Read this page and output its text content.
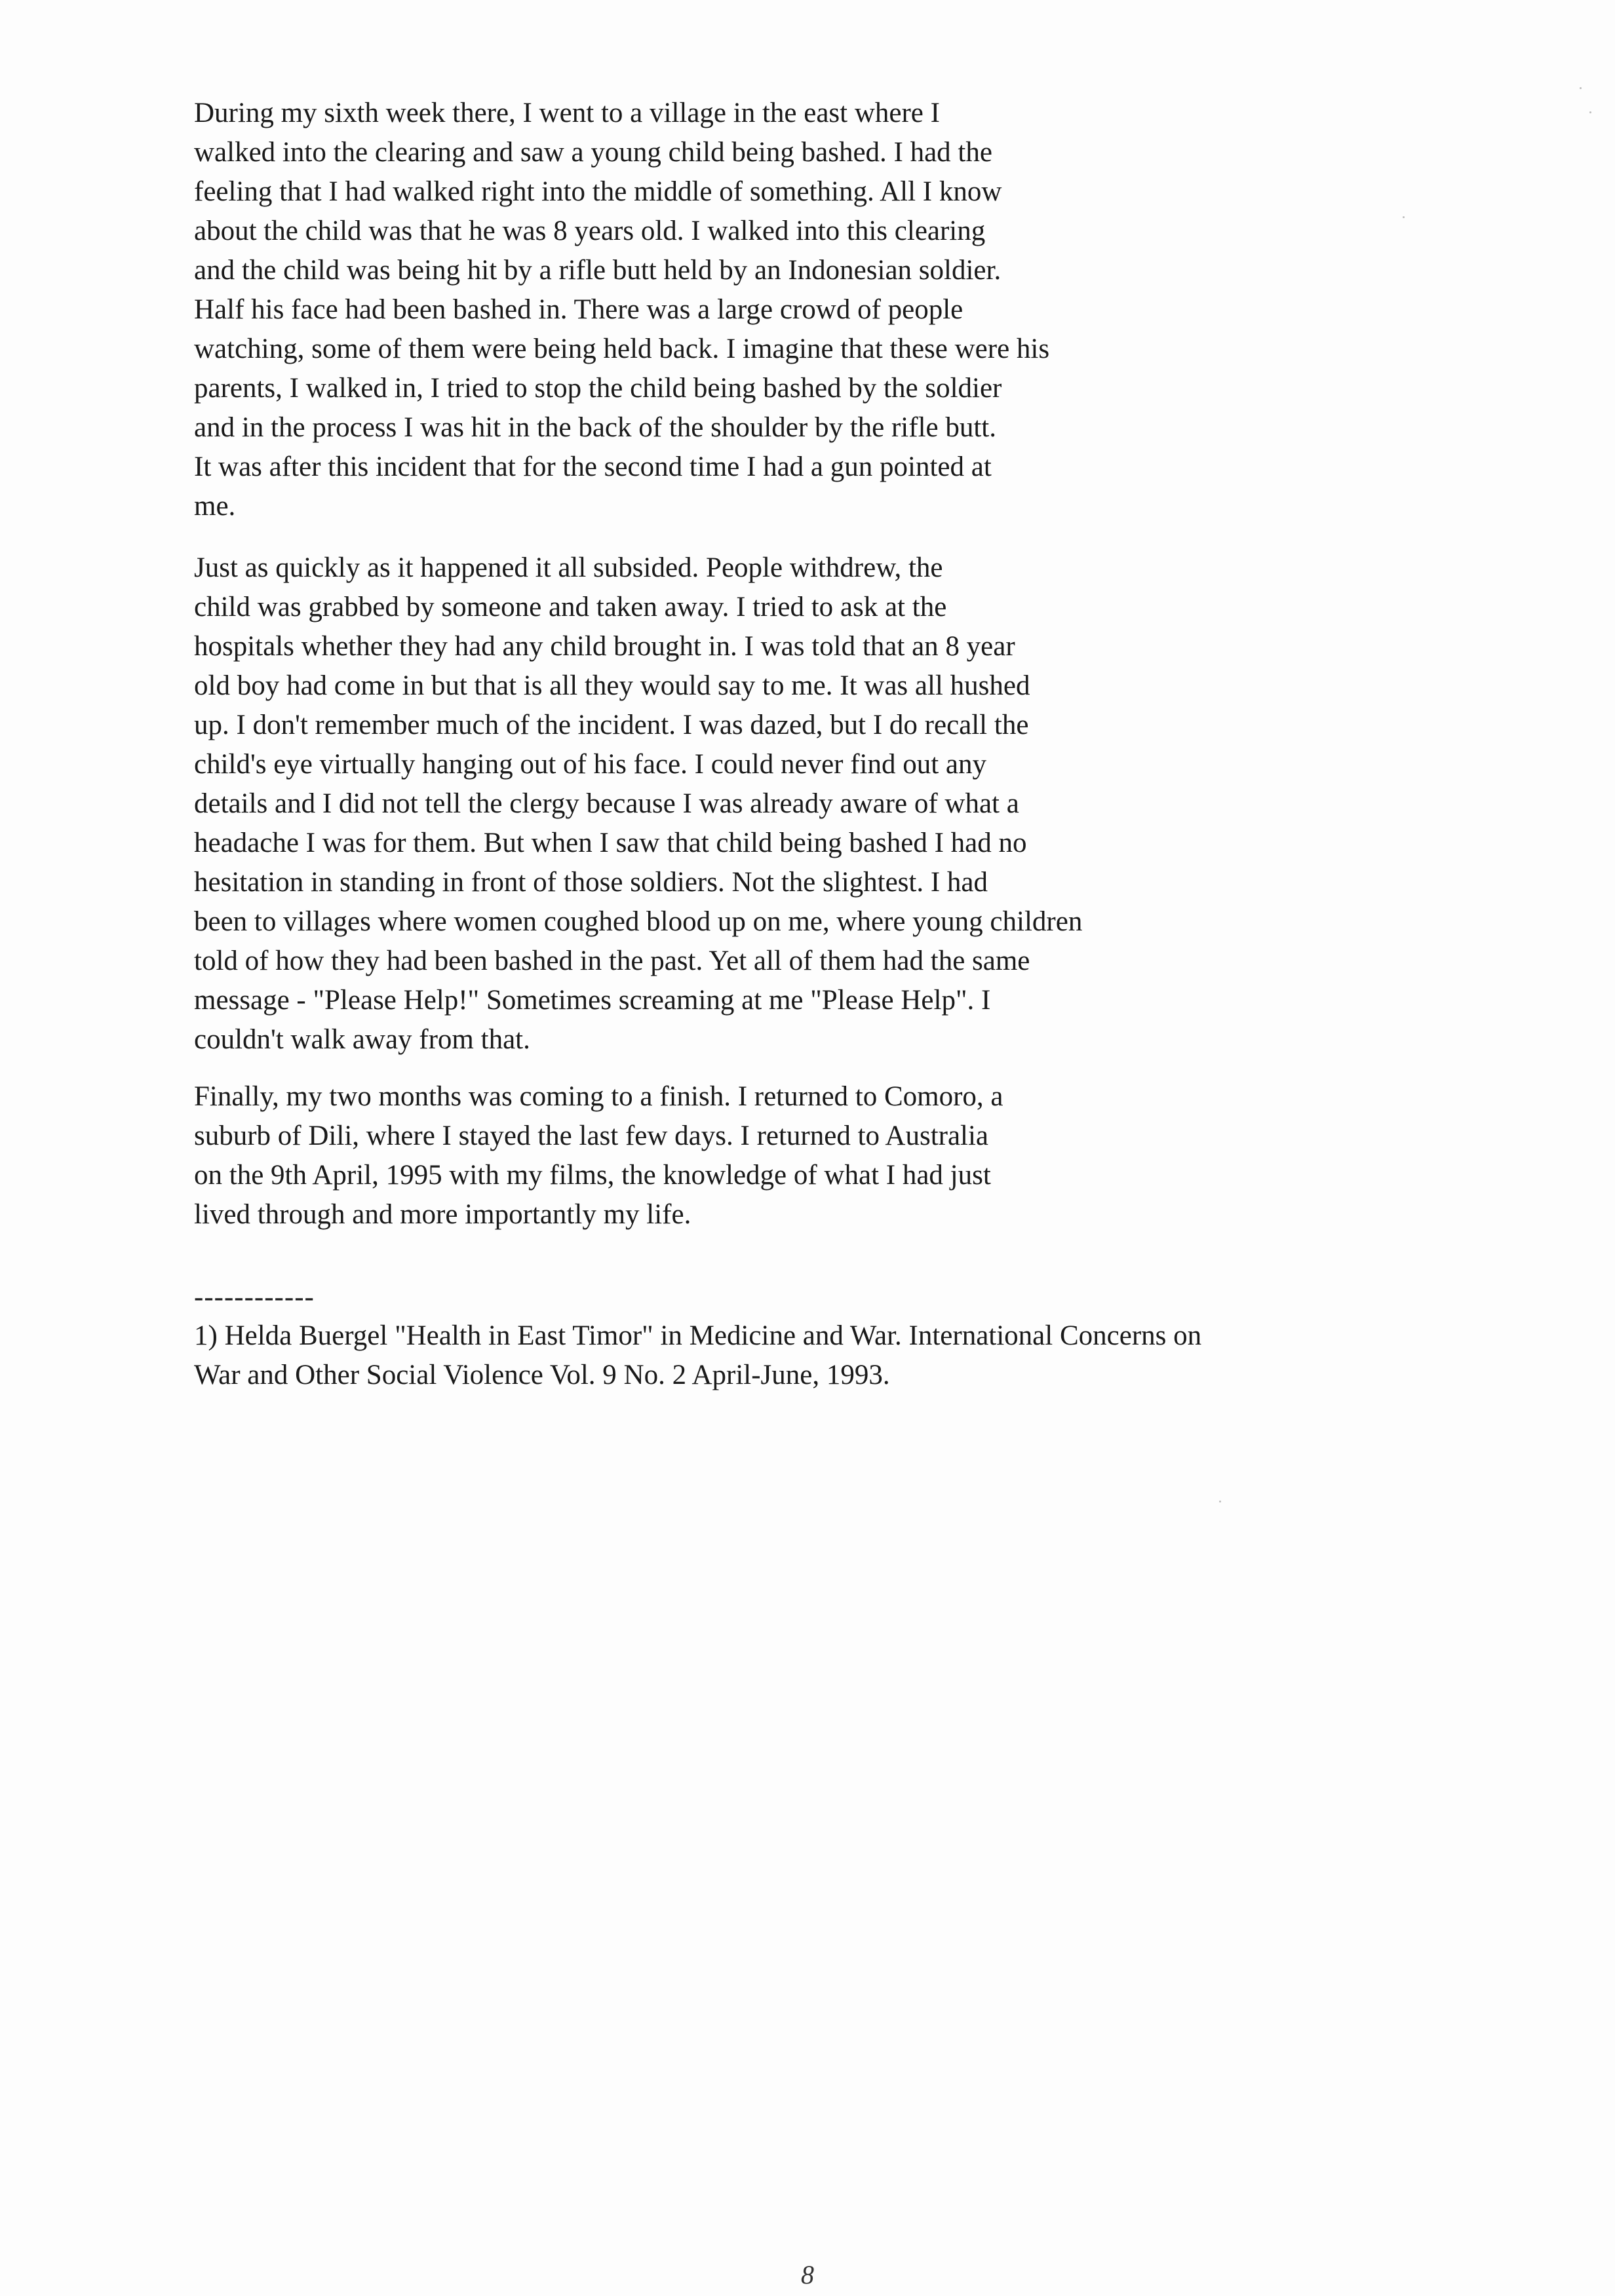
During my sixth week there, I went to a village in the east where I
walked into the clearing and saw a young child being bashed. I had the
feeling that I had walked right into the middle of something. All I know
about the child was that he was 8 years old. I walked into this clearing
and the child was being hit by a rifle butt held by an Indonesian soldier.
Half his face had been bashed in. There was a large crowd of people
watching, some of them were being held back. I imagine that these were his
parents, I walked in, I tried to stop the child being bashed by the soldier
and in the process I was hit in the back of the shoulder by the rifle butt.
It was after this incident that for the second time I had a gun pointed at
me.
Just as quickly as it happened it all subsided. People withdrew, the
child was grabbed by someone and taken away. I tried to ask at the
hospitals whether they had any child brought in. I was told that an 8 year
old boy had come in but that is all they would say to me. It was all hushed
up. I don't remember much of the incident. I was dazed, but I do recall the
child's eye virtually hanging out of his face. I could never find out any
details and I did not tell the clergy because I was already aware of what a
headache I was for them. But when I saw that child being bashed I had no
hesitation in standing in front of those soldiers. Not the slightest. I had
been to villages where women coughed blood up on me, where young children
told of how they had been bashed in the past. Yet all of them had the same
message - "Please Help!" Sometimes screaming at me "Please Help". I
couldn't walk away from that.
Finally, my two months was coming to a finish. I returned to Comoro, a
suburb of Dili, where I stayed the last few days. I returned to Australia
on the 9th April, 1995 with my films, the knowledge of what I had just
lived through and more importantly my life.
------------
1) Helda Buergel "Health in East Timor" in Medicine and War. International Concerns on
War and Other Social Violence Vol. 9 No. 2 April-June, 1993.
8
